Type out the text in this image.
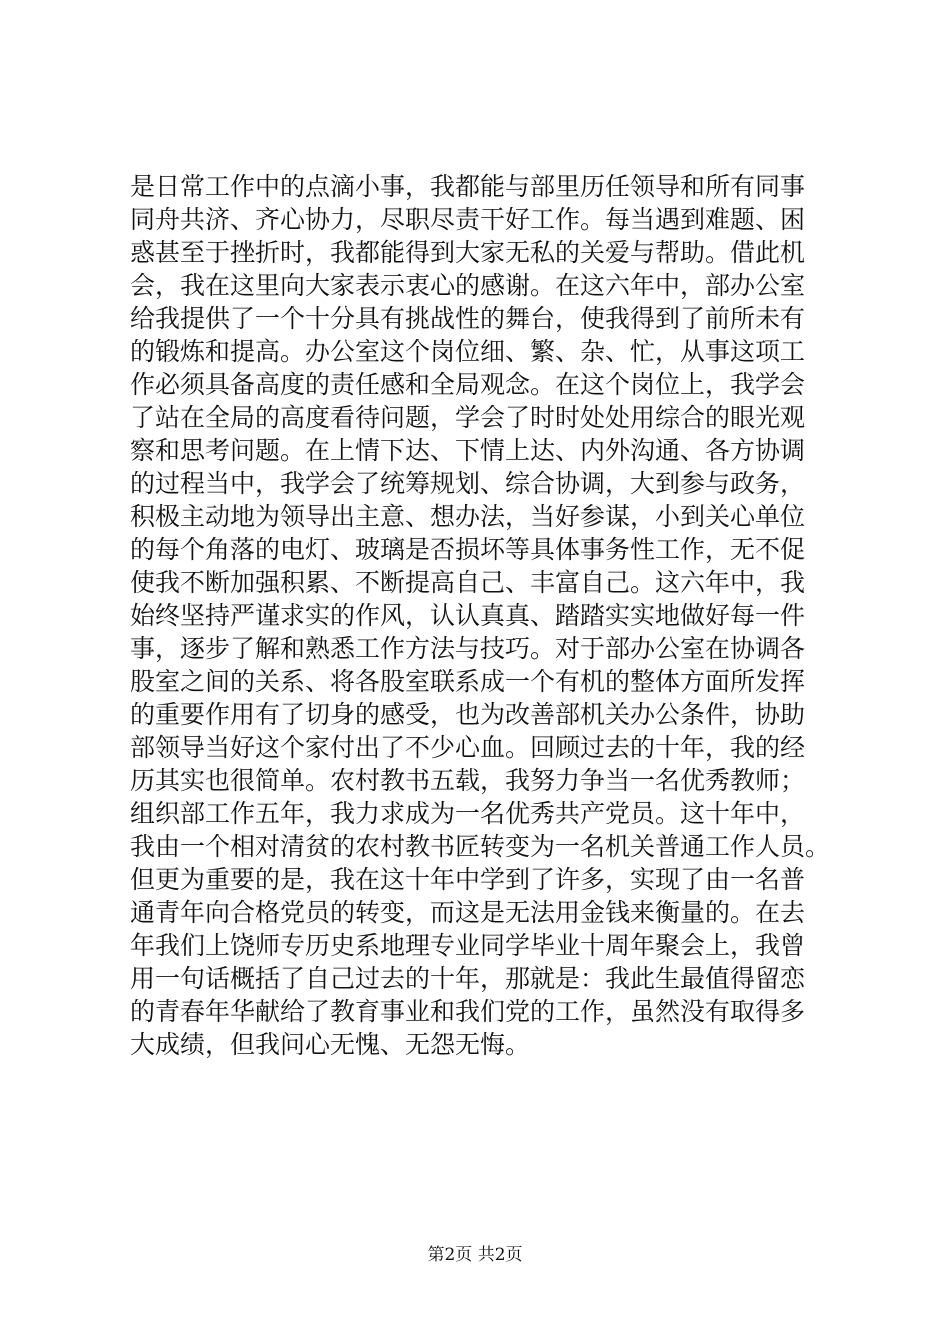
是日常工作中的点滴小事，我都能与部里历任领导和所有同事
同舟共济、齐心协力，尽职尽责干好工作。每当遇到难题、困
惑甚至于挫折时，我都能得到大家无私的关爱与帮助。借此机
会，我在这里向大家表示衷心的感谢。在这六年中，部办公室
给我提供了一个十分具有挑战性的舞台，使我得到了前所未有
的锻炼和提高。办公室这个岗位细、繁、杂、忙，从事这项工
作必须具备高度的责任感和全局观念。在这个岗位上，我学会
了站在全局的高度看待问题，学会了时时处处用综合的眼光观
察和思考问题。在上情下达、下情上达、内外沟通、各方协调
的过程当中，我学会了统筹规划、综合协调，大到参与政务，
积极主动地为领导出主意、想办法，当好参谋，小到关心单位
的每个角落的电灯、玻璃是否损坏等具体事务性工作，无不促
使我不断加强积累、不断提高自己、丰富自己。这六年中，我
始终坚持严谨求实的作风，认认真真、踏踏实实地做好每一件
事，逐步了解和熟悉工作方法与技巧。对于部办公室在协调各
股室之间的关系、将各股室联系成一个有机的整体方面所发挥
的重要作用有了切身的感受，也为改善部机关办公条件，协助
部领导当好这个家付出了不少心血。回顾过去的十年，我的经
历其实也很简单。农村教书五载，我努力争当一名优秀教师；
组织部工作五年，我力求成为一名优秀共产党员。这十年中，
我由一个相对清贫的农村教书匠转变为一名机关普通工作人员。
但更为重要的是，我在这十年中学到了许多，实现了由一名普
通青年向合格党员的转变，而这是无法用金钱来衡量的。在去
年我们上饶师专历史系地理专业同学毕业十周年聚会上，我曾
用一句话概括了自己过去的十年，那就是：我此生最值得留恋
的青春年华献给了教育事业和我们党的工作，虽然没有取得多
大成绩，但我问心无愧、无怨无悔。
第2页 共2页
